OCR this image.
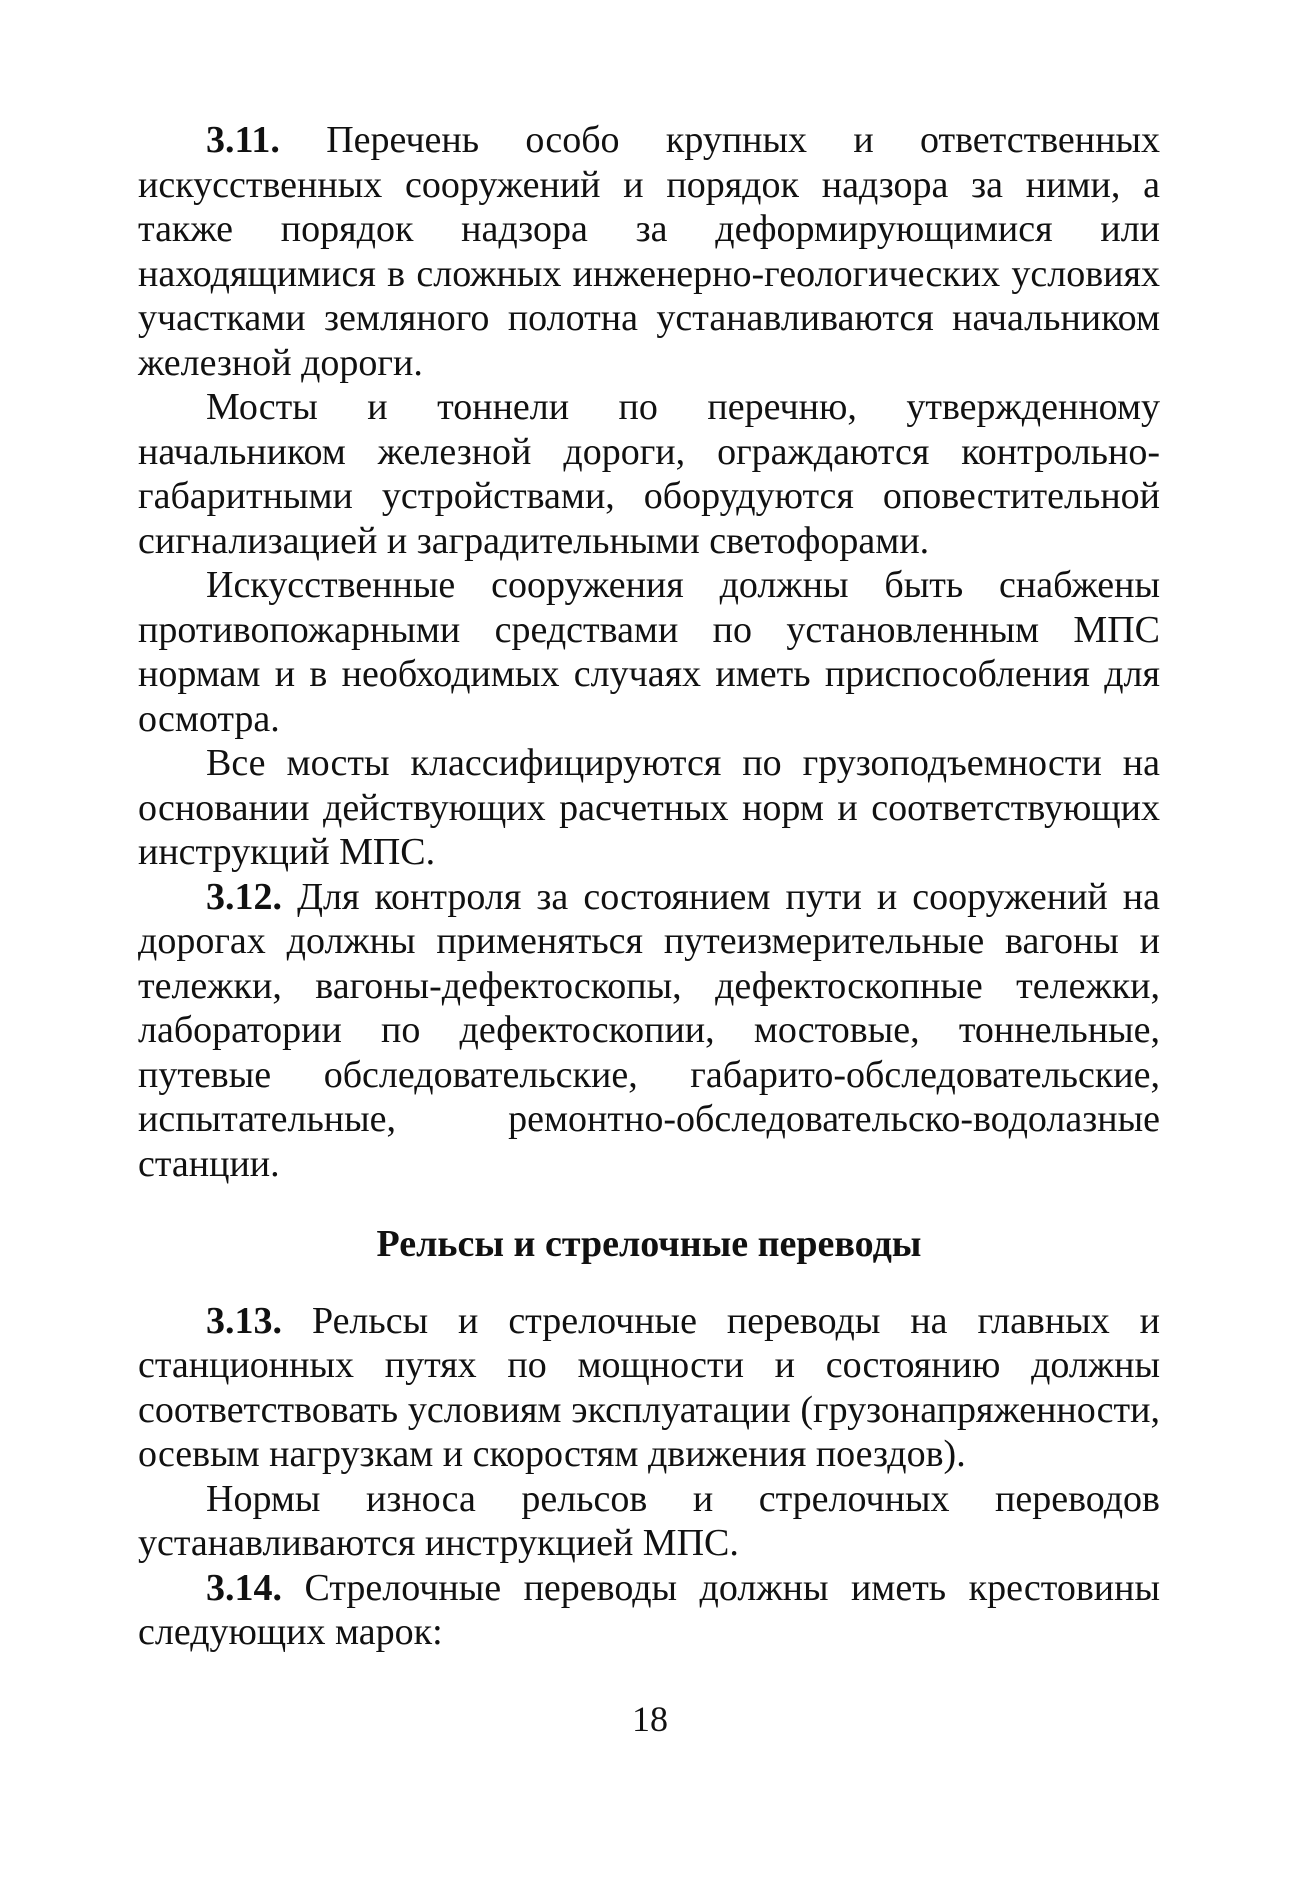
3.11. Перечень особо крупных и ответственных искусственных сооружений и порядок надзора за ними, а также порядок надзора за деформирующимися или находящимися в сложных инженерно-геологических условиях участками земляного полотна устанавливаются начальником железной дороги.

Мосты и тоннели по перечню, утвержденному начальником железной дороги, ограждаются контрольно-габаритными устройствами, оборудуются оповестительной сигнализацией и заградительными светофорами.

Искусственные сооружения должны быть снабжены противопожарными средствами по установленным МПС нормам и в необходимых случаях иметь приспособления для осмотра.

Все мосты классифицируются по грузоподъемности на основании действующих расчетных норм и соответствующих инструкций МПС.

3.12. Для контроля за состоянием пути и сооружений на дорогах должны применяться путеизмерительные вагоны и тележки, вагоны-дефектоскопы, дефектоскопные тележки, лаборатории по дефектоскопии, мостовые, тоннельные, путевые обследовательские, габарито-обследовательские, испытательные, ремонтно-обследовательско-водолазные станции.

Рельсы и стрелочные переводы

3.13. Рельсы и стрелочные переводы на главных и станционных путях по мощности и состоянию должны соответствовать условиям эксплуатации (грузонапряженности, осевым нагрузкам и скоростям движения поездов).

Нормы износа рельсов и стрелочных переводов устанавливаются инструкцией МПС.

3.14. Стрелочные переводы должны иметь крестовины следующих марок:

18
